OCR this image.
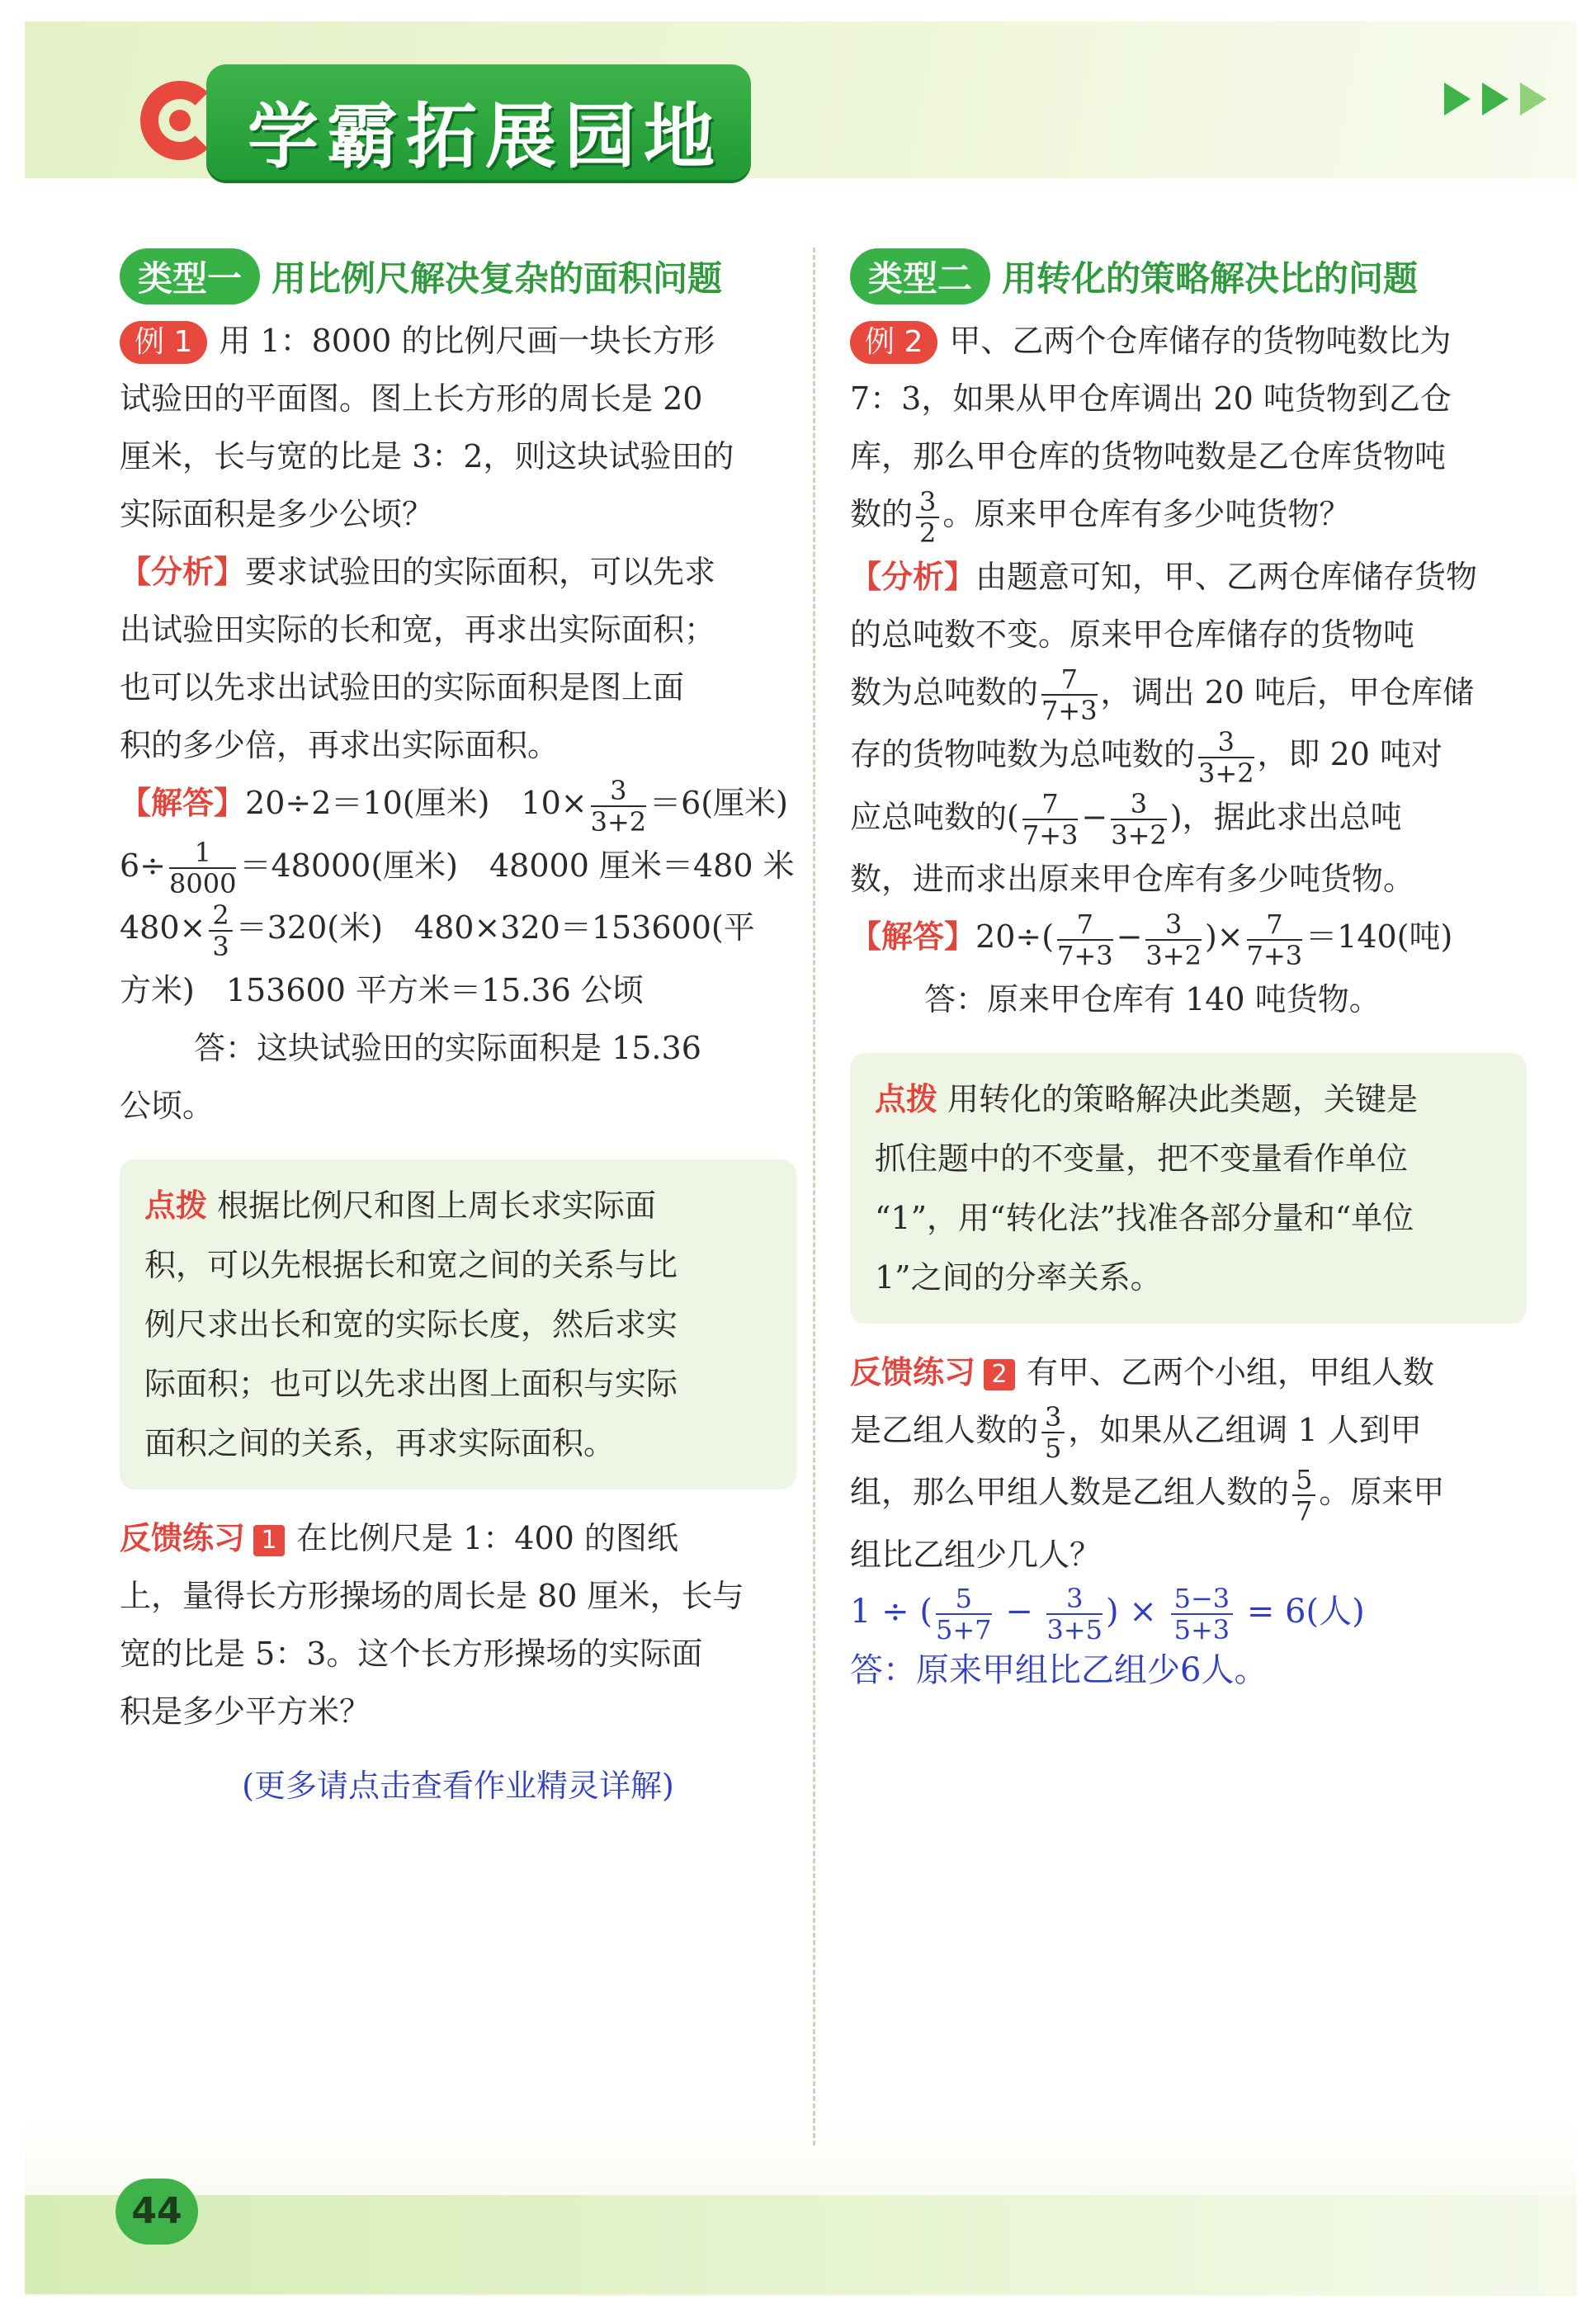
学霸拓展园地
类型一 用比例尺解决复杂的面积问题

例 1 用 1：8000 的比例尺画一块长方形
试验田的平面图。图上长方形的周长是 20
厘米，长与宽的比是 3：2，则这块试验田的
实际面积是多少公顷？

【分析】要求试验田的实际面积，可以先求
出试验田实际的长和宽，再求出实际面积；
也可以先求出试验田的实际面积是图上面
积的多少倍，再求出实际面积。

【解答】20÷2＝10(厘米)　$10\times \frac{3}{3+2} =6$(厘米)
$6\div \frac{1}{8000} =48000$(厘米)　48000 厘米＝480 米
$480\times \frac{2}{3} =320$(米)　480×320＝153600(平
方米)　153600 平方米＝15.36 公顷

答：这块试验田的实际面积是 15.36
公顷。

点拨 根据比例尺和图上周长求实际面
积，可以先根据长和宽之间的关系与比
例尺求出长和宽的实际长度，然后求实
际面积；也可以先求出图上面积与实际
面积之间的关系，再求实际面积。

反馈练习 1 在比例尺是 1：400 的图纸
上，量得长方形操场的周长是 80 厘米，长与
宽的比是 5：3。这个长方形操场的实际面
积是多少平方米？

(更多请点击查看作业精灵详解)
类型二 用转化的策略解决比的问题

例 2 甲、乙两个仓库储存的货物吨数比为
7：3，如果从甲仓库调出 20 吨货物到乙仓
库，那么甲仓库的货物吨数是乙仓库货物吨
数的 $\frac{3}{2}$ 。原来甲仓库有多少吨货物？

【分析】由题意可知，甲、乙两仓库储存货物
的总吨数不变。原来甲仓库储存的货物吨
数为总吨数的 $\frac{7}{7+3}$ ，调出 20 吨后，甲仓库储
存的货物吨数为总吨数的 $\frac{3}{3+2}$ ，即 20 吨对
应总吨数的( $\frac{7}{7+3} - \frac{3}{3+2}$ )，据此求出总吨
数，进而求出原来甲仓库有多少吨货物。

【解答】$20\div( \frac{7}{7+3} - \frac{3}{3+2}$ )× $\frac{7}{7+3} =140$(吨)
答：原来甲仓库有 140 吨货物。

点拨 用转化的策略解决此类题，关键是
抓住题中的不变量，把不变量看作单位
“1”，用“转化法”找准各部分量和“单位
1”之间的分率关系。

反馈练习 2 有甲、乙两个小组，甲组人数
是乙组人数的 $\frac{3}{5}$ ，如果从乙组调 1 人到甲
组，那么甲组人数是乙组人数的 $\frac{5}{7}$ 。原来甲
组比乙组少几人？

1 ÷ ( $\frac{5}{5+7} - \frac{3}{3+5}$ ) × $\frac{5-3}{5+3} = 6$(人)
答：原来甲组比乙组少6人。

44
